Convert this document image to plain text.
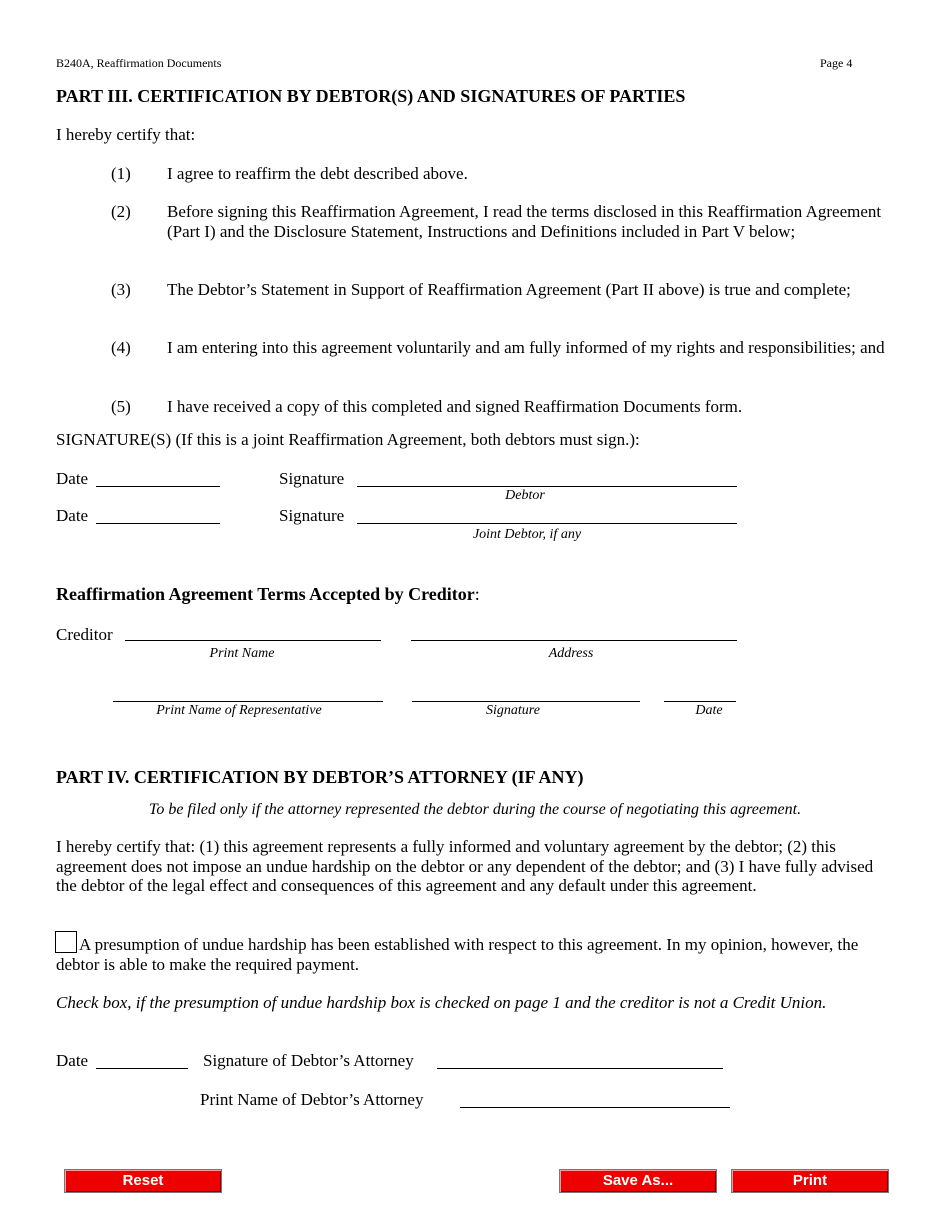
B240A, Reaffirmation Documents	Page 4
PART III. CERTIFICATION BY DEBTOR(S) AND SIGNATURES OF PARTIES
I hereby certify that:
(1) I agree to reaffirm the debt described above.
(2) Before signing this Reaffirmation Agreement, I read the terms disclosed in this Reaffirmation Agreement (Part I) and the Disclosure Statement, Instructions and Definitions included in Part V below;
(3) The Debtor’s Statement in Support of Reaffirmation Agreement (Part II above) is true and complete;
(4) I am entering into this agreement voluntarily and am fully informed of my rights and responsibilities; and
(5) I have received a copy of this completed and signed Reaffirmation Documents form.
SIGNATURE(S) (If this is a joint Reaffirmation Agreement, both debtors must sign.):
Date	Signature
Debtor
Date	Signature
Joint Debtor, if any
Reaffirmation Agreement Terms Accepted by Creditor:
Creditor
Print Name	Address
Print Name of Representative	Signature	Date
PART IV. CERTIFICATION BY DEBTOR’S ATTORNEY (IF ANY)
To be filed only if the attorney represented the debtor during the course of negotiating this agreement.
I hereby certify that: (1) this agreement represents a fully informed and voluntary agreement by the debtor; (2) this agreement does not impose an undue hardship on the debtor or any dependent of the debtor; and (3) I have fully advised the debtor of the legal effect and consequences of this agreement and any default under this agreement.
A presumption of undue hardship has been established with respect to this agreement. In my opinion, however, the debtor is able to make the required payment.
Check box, if the presumption of undue hardship box is checked on page 1 and the creditor is not a Credit Union.
Date	Signature of Debtor’s Attorney
Print Name of Debtor’s Attorney
Reset	Save As...	Print
